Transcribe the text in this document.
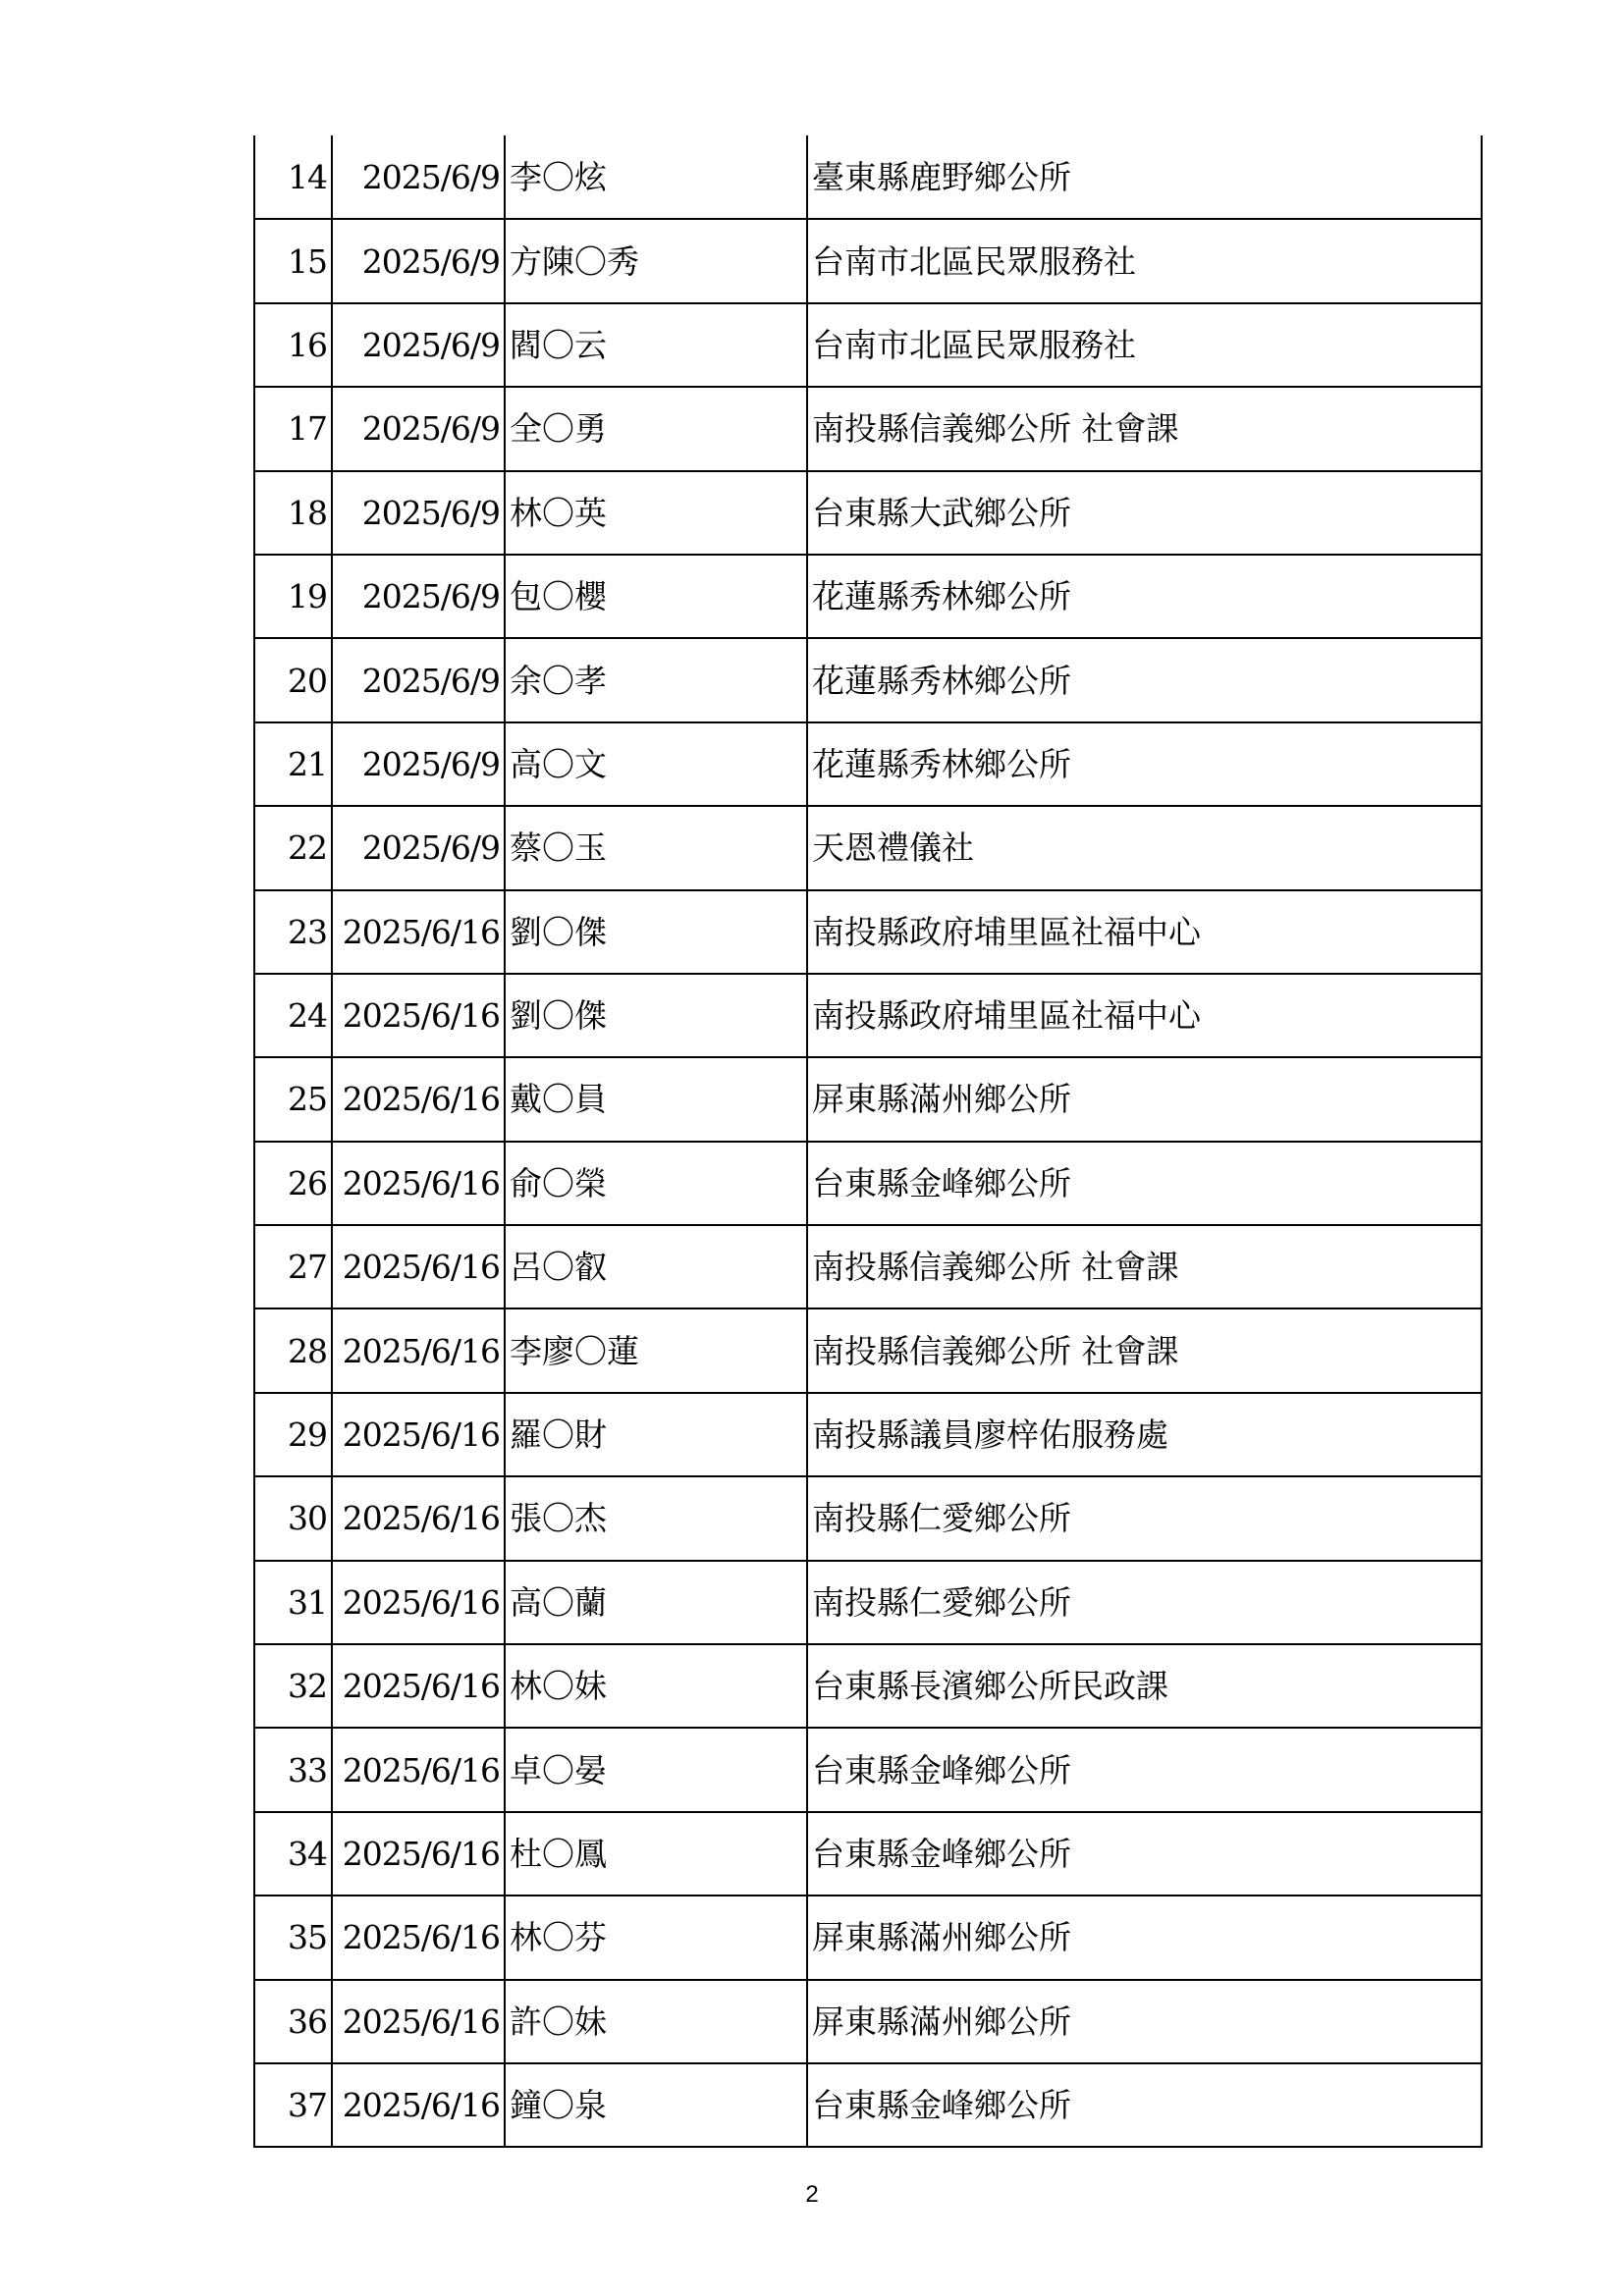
14	2025/6/9	李〇炫	臺東縣鹿野鄉公所
15	2025/6/9	方陳〇秀	台南市北區民眾服務社
16	2025/6/9	閻〇云	台南市北區民眾服務社
17	2025/6/9	全〇勇	南投縣信義鄉公所 社會課
18	2025/6/9	林〇英	台東縣大武鄉公所
19	2025/6/9	包〇櫻	花蓮縣秀林鄉公所
20	2025/6/9	余〇孝	花蓮縣秀林鄉公所
21	2025/6/9	高〇文	花蓮縣秀林鄉公所
22	2025/6/9	蔡〇玉	天恩禮儀社
23	2025/6/16	劉〇傑	南投縣政府埔里區社福中心
24	2025/6/16	劉〇傑	南投縣政府埔里區社福中心
25	2025/6/16	戴〇員	屏東縣滿州鄉公所
26	2025/6/16	俞〇榮	台東縣金峰鄉公所
27	2025/6/16	呂〇叡	南投縣信義鄉公所 社會課
28	2025/6/16	李廖〇蓮	南投縣信義鄉公所 社會課
29	2025/6/16	羅〇財	南投縣議員廖梓佑服務處
30	2025/6/16	張〇杰	南投縣仁愛鄉公所
31	2025/6/16	高〇蘭	南投縣仁愛鄉公所
32	2025/6/16	林〇妹	台東縣長濱鄉公所民政課
33	2025/6/16	卓〇晏	台東縣金峰鄉公所
34	2025/6/16	杜〇鳳	台東縣金峰鄉公所
35	2025/6/16	林〇芬	屏東縣滿州鄉公所
36	2025/6/16	許〇妹	屏東縣滿州鄉公所
37	2025/6/16	鐘〇泉	台東縣金峰鄉公所
2
